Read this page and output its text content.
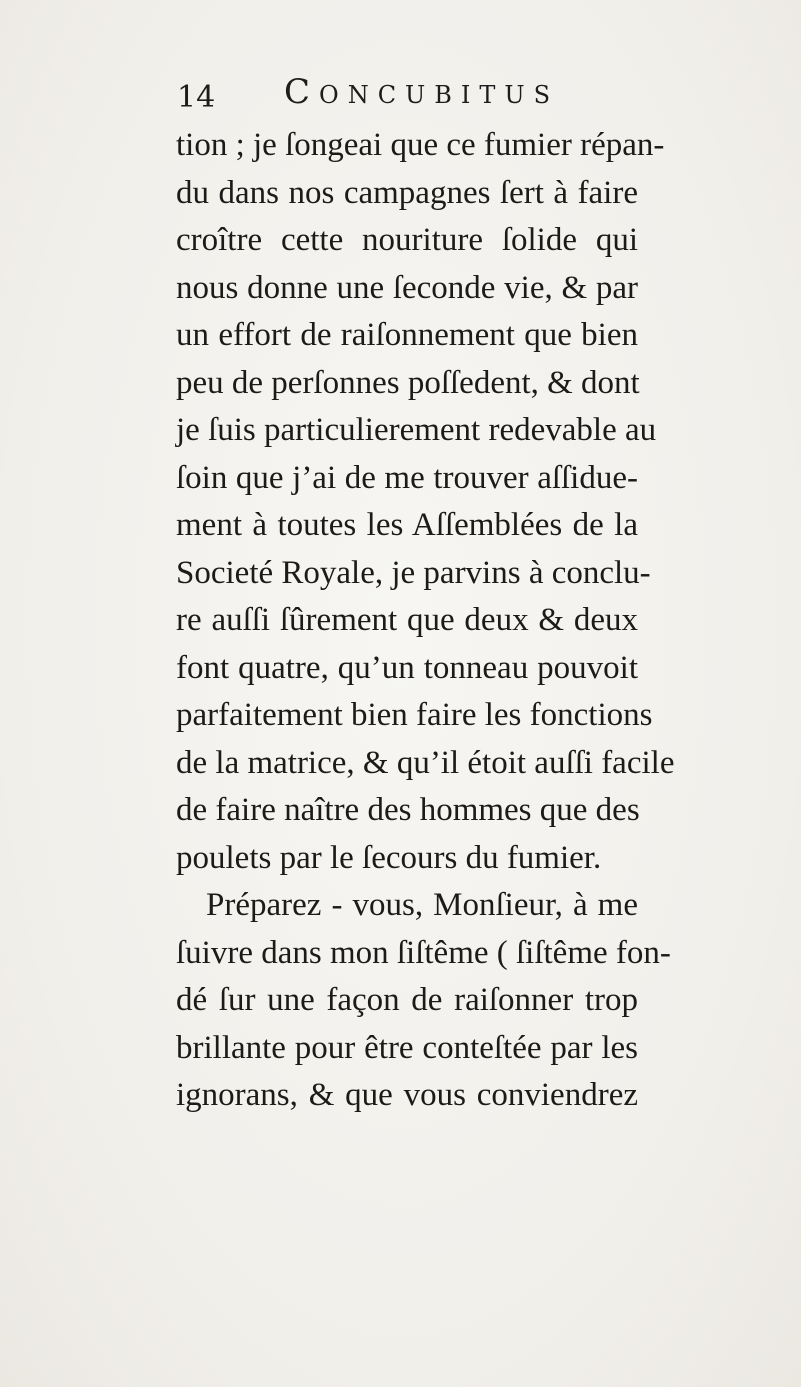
14 Concubitus
tion ; je ſongeai que ce fumier répan-
du dans nos campagnes ſert à faire
croître cette nouriture ſolide qui
nous donne une ſeconde vie, & par
un effort de raiſonnement que bien
peu de perſonnes poſſedent, & dont
je ſuis particulierement redevable au
ſoin que j’ai de me trouver aſſidue-
ment à toutes les Aſſemblées de la
Societé Royale, je parvins à conclu-
re auſſi ſûrement que deux & deux
font quatre, qu’un tonneau pouvoit
parfaitement bien faire les fonctions
de la matrice, & qu’il étoit auſſi facile
de faire naître des hommes que des
poulets par le ſecours du fumier.
Préparez - vous, Monſieur, à me
ſuivre dans mon ſiſtême ( ſiſtême fon-
dé ſur une façon de raiſonner trop
brillante pour être conteſtée par les
ignorans, & que vous conviendrez
